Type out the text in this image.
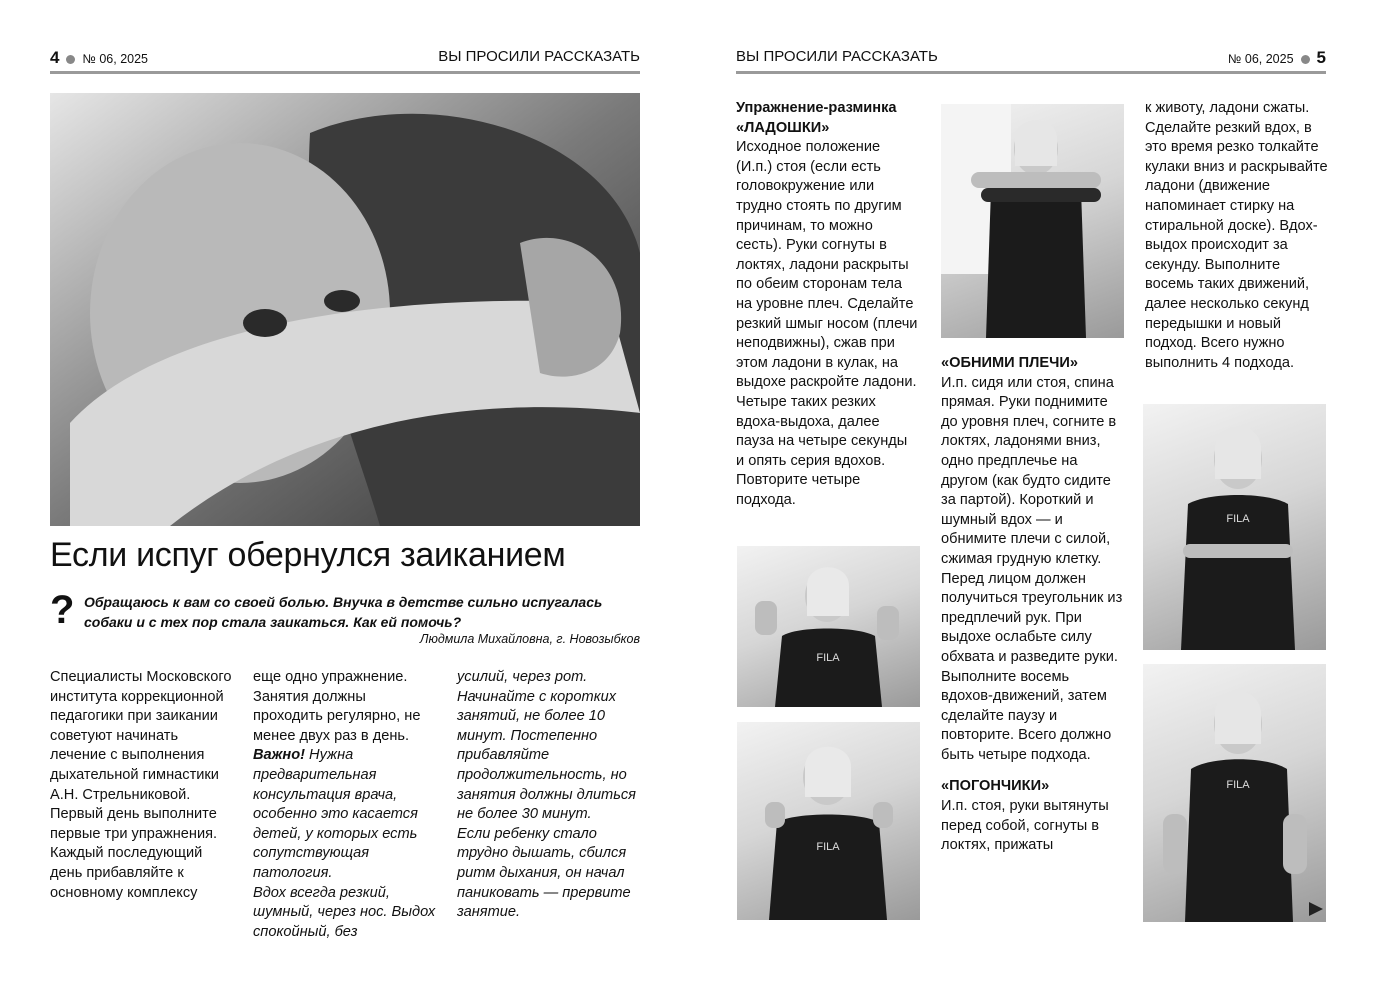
4 № 06, 2025	ВЫ ПРОСИЛИ РАССКАЗАТЬ	ВЫ ПРОСИЛИ РАССКАЗАТЬ	№ 06, 2025 5
Если испуг обернулся заиканием
? Обращаюсь к вам со своей болью. Внучка в детстве сильно испугалась собаки и с тех пор стала заикаться. Как ей помочь?
Людмила Михайловна, г. Новозыбков

Специалисты Московского института коррекционной педагогики при заикании советуют начинать лечение с выполнения дыхательной гимнастики А.Н. Стрельниковой. Первый день выполните первые три упражнения. Каждый последующий день прибавляйте к основному комплексу

еще одно упражнение. Занятия должны проходить регулярно, не менее двух раз в день.

Важно! Нужна предварительная консультация врача, особенно это касается детей, у которых есть сопутствующая патология.

Вдох всегда резкий, шумный, через нос. Выдох спокойный, без

усилий, через рот. Начинайте с коротких занятий, не более 10 минут. Постепенно прибавляйте продолжительность, но занятия должны длиться не более 30 минут.

Если ребенку стало трудно дышать, сбился ритм дыхания, он начал паниковать — прервите занятие.

Упражнение-разминка «ЛАДОШКИ»

Исходное положение (И.п.) стоя (если есть головокружение или трудно стоять по другим причинам, то можно сесть). Руки согнуты в локтях, ладони раскрыты по обеим сторонам тела на уровне плеч. Сделайте резкий шмыг носом (плечи неподвижны), сжав при этом ладони в кулак, на выдохе раскройте ладони. Четыре таких резких вдоха-выдоха, далее пауза на четыре секунды и опять серия вдохов. Повторите четыре подхода.

FILA
FILA

«ОБНИМИ ПЛЕЧИ»

И.п. сидя или стоя, спина прямая. Руки поднимите до уровня плеч, согните в локтях, ладонями вниз, одно предплечье на другом (как будто сидите за партой). Короткий и шумный вдох — и обнимите плечи с силой, сжимая грудную клетку. Перед лицом должен получиться треугольник из предплечий рук. При выдохе ослабьте силу обхвата и разведите руки. Выполните восемь вдохов-движений, затем сделайте паузу и повторите. Всего должно быть четыре подхода.

«ПОГОНЧИКИ»

И.п. стоя, руки вытянуты перед собой, согнуты в локтях, прижаты

к животу, ладони сжаты. Сделайте резкий вдох, в это время резко толкайте кулаки вниз и раскрывайте ладони (движение напоминает стирку на стиральной доске). Вдох-выдох происходит за секунду. Выполните восемь таких движений, далее несколько секунд передышки и новый подход. Всего нужно выполнить 4 подхода.

FILA
FILA
